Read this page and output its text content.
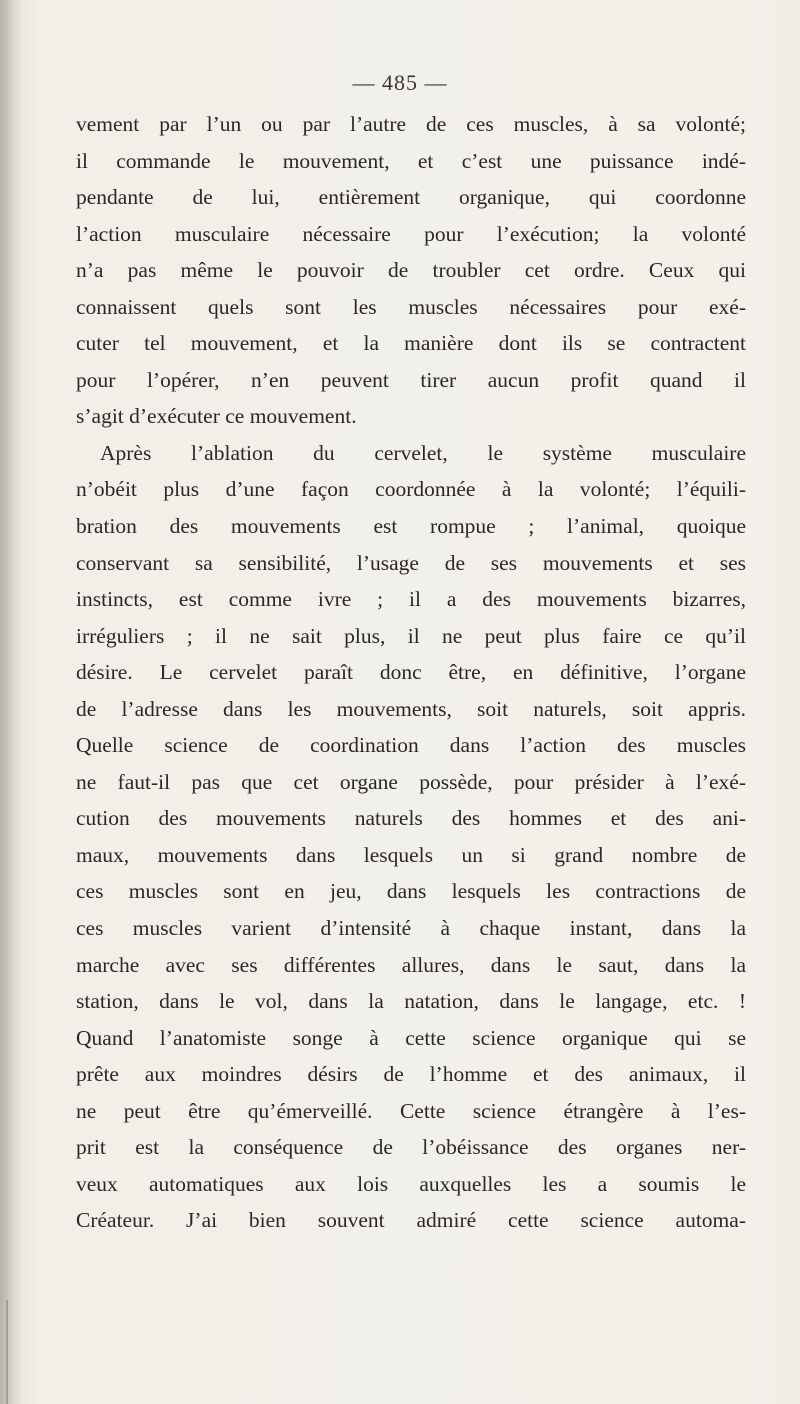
— 485 —
vement par l’un ou par l’autre de ces muscles, à sa volonté;
il commande le mouvement, et c’est une puissance indé-
pendante de lui, entièrement organique, qui coordonne
l’action musculaire nécessaire pour l’exécution; la volonté
n’a pas même le pouvoir de troubler cet ordre. Ceux qui
connaissent quels sont les muscles nécessaires pour exé-
cuter tel mouvement, et la manière dont ils se contractent
pour l’opérer, n’en peuvent tirer aucun profit quand il
s’agit d’exécuter ce mouvement.
Après l’ablation du cervelet, le système musculaire
n’obéit plus d’une façon coordonnée à la volonté; l’équili-
bration des mouvements est rompue ; l’animal, quoique
conservant sa sensibilité, l’usage de ses mouvements et ses
instincts, est comme ivre ; il a des mouvements bizarres,
irréguliers ; il ne sait plus, il ne peut plus faire ce qu’il
désire. Le cervelet paraît donc être, en définitive, l’organe
de l’adresse dans les mouvements, soit naturels, soit appris.
Quelle science de coordination dans l’action des muscles
ne faut-il pas que cet organe possède, pour présider à l’exé-
cution des mouvements naturels des hommes et des ani-
maux, mouvements dans lesquels un si grand nombre de
ces muscles sont en jeu, dans lesquels les contractions de
ces muscles varient d’intensité à chaque instant, dans la
marche avec ses différentes allures, dans le saut, dans la
station, dans le vol, dans la natation, dans le langage, etc. !
Quand l’anatomiste songe à cette science organique qui se
prête aux moindres désirs de l’homme et des animaux, il
ne peut être qu’émerveillé. Cette science étrangère à l’es-
prit est la conséquence de l’obéissance des organes ner-
veux automatiques aux lois auxquelles les a soumis le
Créateur. J’ai bien souvent admiré cette science automa-
